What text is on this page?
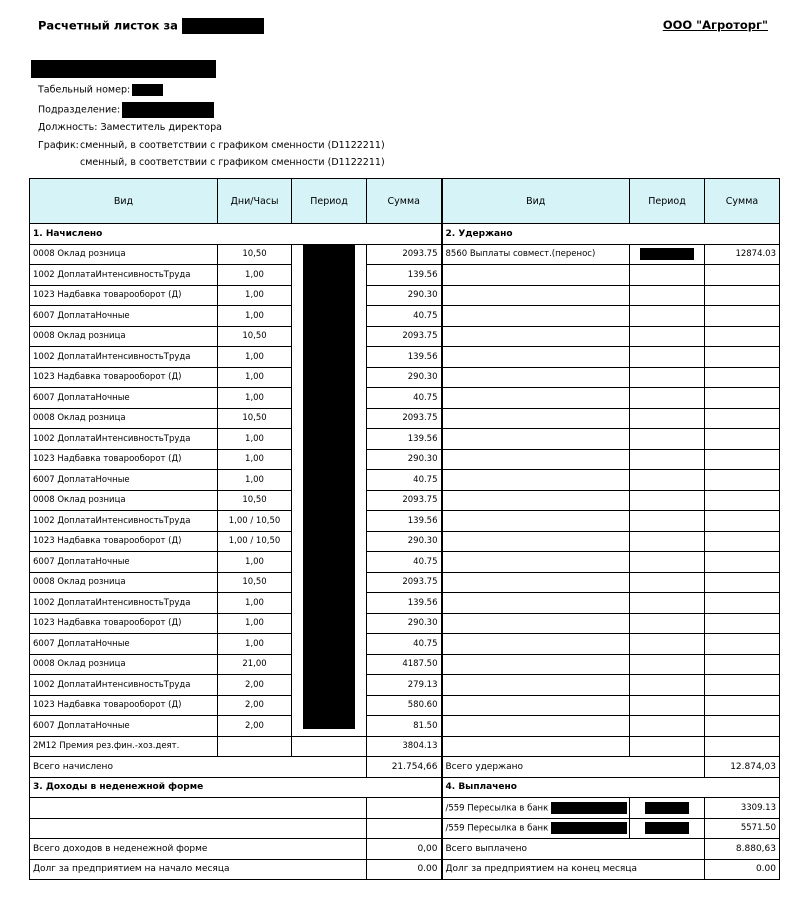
Расчетный листок за	ООО "Агроторг"
Табельный номер:
Подразделение:
Должность: Заместитель директора
График: сменный, в соответствии с графиком сменности (D1122211)
сменный, в соответствии с графиком сменности (D1122211)
Вид	Дни/Часы	Период	Сумма	Вид	Период	Сумма
1. Начислено				2. Удержано		
0008 Оклад розница	10,50		2093.75	8560 Выплаты совмест.(перенос)		12874.03
1002 ДоплатаИнтенсивностьТруда	1,00		139.56			
1023 Надбавка товарооборот (Д)	1,00		290.30			
6007 ДоплатаНочные	1,00		40.75			
0008 Оклад розница	10,50		2093.75			
1002 ДоплатаИнтенсивностьТруда	1,00		139.56			
1023 Надбавка товарооборот (Д)	1,00		290.30			
6007 ДоплатаНочные	1,00		40.75			
0008 Оклад розница	10,50		2093.75			
1002 ДоплатаИнтенсивностьТруда	1,00		139.56			
1023 Надбавка товарооборот (Д)	1,00		290.30			
6007 ДоплатаНочные	1,00		40.75			
0008 Оклад розница	10,50		2093.75			
1002 ДоплатаИнтенсивностьТруда	1,00 / 10,50		139.56			
1023 Надбавка товарооборот (Д)	1,00 / 10,50		290.30			
6007 ДоплатаНочные	1,00		40.75			
0008 Оклад розница	10,50		2093.75			
1002 ДоплатаИнтенсивностьТруда	1,00		139.56			
1023 Надбавка товарооборот (Д)	1,00		290.30			
6007 ДоплатаНочные	1,00		40.75			
0008 Оклад розница	21,00		4187.50			
1002 ДоплатаИнтенсивностьТруда	2,00		279.13			
1023 Надбавка товарооборот (Д)	2,00		580.60			
6007 ДоплатаНочные	2,00		81.50			
2М12 Премия рез.фин.-хоз.деят.			3804.13			
Всего начислено			21.754,66	Всего удержано		12.874,03
3. Доходы в неденежной форме				4. Выплачено		
				/559 Пересылка в банк		3309.13
				/559 Пересылка в банк		5571.50
Всего доходов в неденежной форме			0,00	Всего выплачено		8.880,63
Долг за предприятием на начало месяца			0.00	Долг за предприятием на конец месяца		0.00
